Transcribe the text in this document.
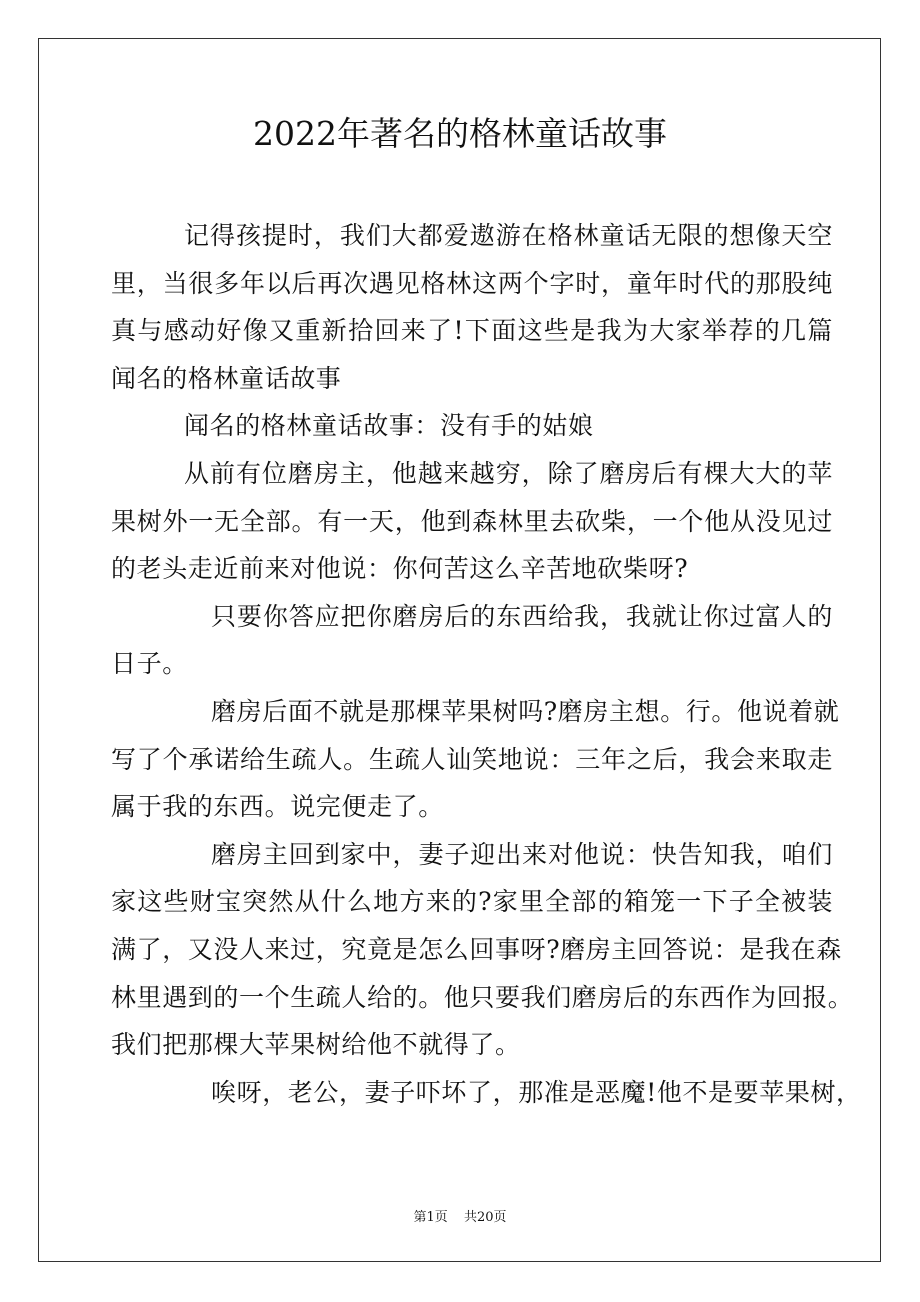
2022年著名的格林童话故事
记得孩提时，我们大都爱遨游在格林童话无限的想像天空
里，当很多年以后再次遇见格林这两个字时，童年时代的那股纯
真与感动好像又重新拾回来了!下面这些是我为大家举荐的几篇
闻名的格林童话故事
闻名的格林童话故事：没有手的姑娘
从前有位磨房主，他越来越穷，除了磨房后有棵大大的苹
果树外一无全部。有一天，他到森林里去砍柴，一个他从没见过
的老头走近前来对他说：你何苦这么辛苦地砍柴呀?
只要你答应把你磨房后的东西给我，我就让你过富人的
日子。
磨房后面不就是那棵苹果树吗?磨房主想。行。他说着就
写了个承诺给生疏人。生疏人讪笑地说：三年之后，我会来取走
属于我的东西。说完便走了。
磨房主回到家中，妻子迎出来对他说：快告知我，咱们
家这些财宝突然从什么地方来的?家里全部的箱笼一下子全被装
满了，又没人来过，究竟是怎么回事呀?磨房主回答说：是我在森
林里遇到的一个生疏人给的。他只要我们磨房后的东西作为回报。
我们把那棵大苹果树给他不就得了。
唉呀，老公，妻子吓坏了，那准是恶魔!他不是要苹果树，
第1页 共20页
